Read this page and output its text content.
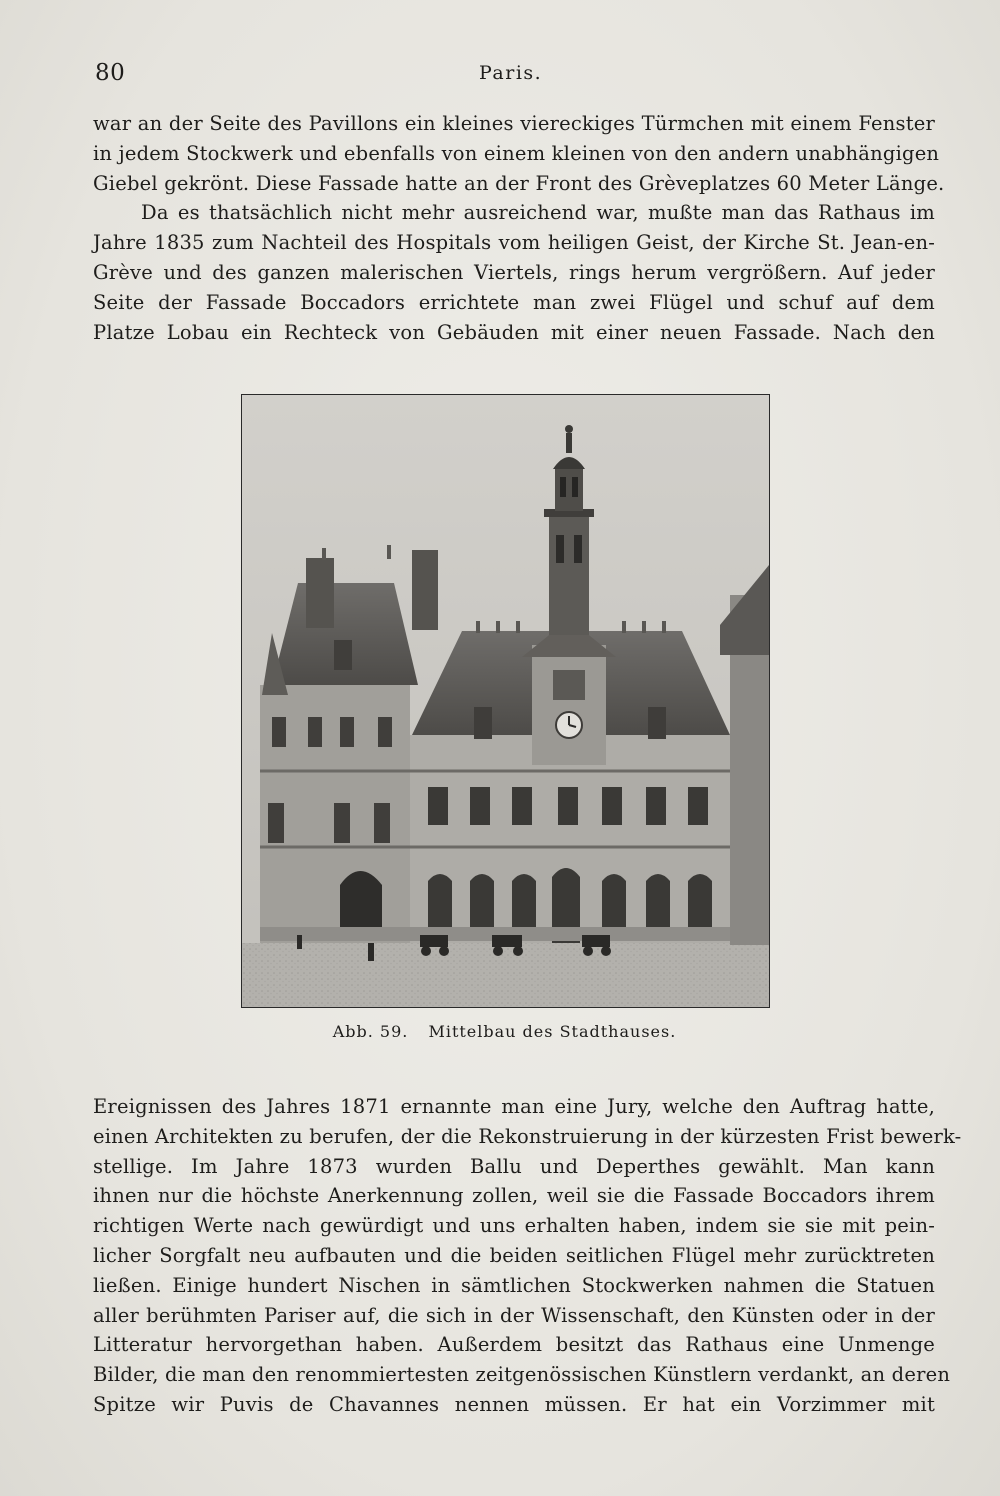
80	Paris.

war an der Seite des Pavillons ein kleines viereckiges Türmchen mit einem Fenster
in jedem Stockwerk und ebenfalls von einem kleinen von den andern unabhängigen
Giebel gekrönt. Diese Fassade hatte an der Front des Grèveplatzes 60 Meter Länge.

Da es thatsächlich nicht mehr ausreichend war, mußte man das Rathaus im
Jahre 1835 zum Nachteil des Hospitals vom heiligen Geist, der Kirche St. Jean-en-
Grève und des ganzen malerischen Viertels, rings herum vergrößern. Auf jeder
Seite der Fassade Boccadors errichtete man zwei Flügel und schuf auf dem
Platze Lobau ein Rechteck von Gebäuden mit einer neuen Fassade. Nach den

Abb. 59. Mittelbau des Stadthauses.

Ereignissen des Jahres 1871 ernannte man eine Jury, welche den Auftrag hatte,
einen Architekten zu berufen, der die Rekonstruierung in der kürzesten Frist bewerk-
stellige. Im Jahre 1873 wurden Ballu und Deperthes gewählt. Man kann
ihnen nur die höchste Anerkennung zollen, weil sie die Fassade Boccadors ihrem
richtigen Werte nach gewürdigt und uns erhalten haben, indem sie sie mit pein-
licher Sorgfalt neu aufbauten und die beiden seitlichen Flügel mehr zurücktreten
ließen. Einige hundert Nischen in sämtlichen Stockwerken nahmen die Statuen
aller berühmten Pariser auf, die sich in der Wissenschaft, den Künsten oder in der
Litteratur hervorgethan haben. Außerdem besitzt das Rathaus eine Unmenge
Bilder, die man den renommiertesten zeitgenössischen Künstlern verdankt, an deren
Spitze wir Puvis de Chavannes nennen müssen. Er hat ein Vorzimmer mit
